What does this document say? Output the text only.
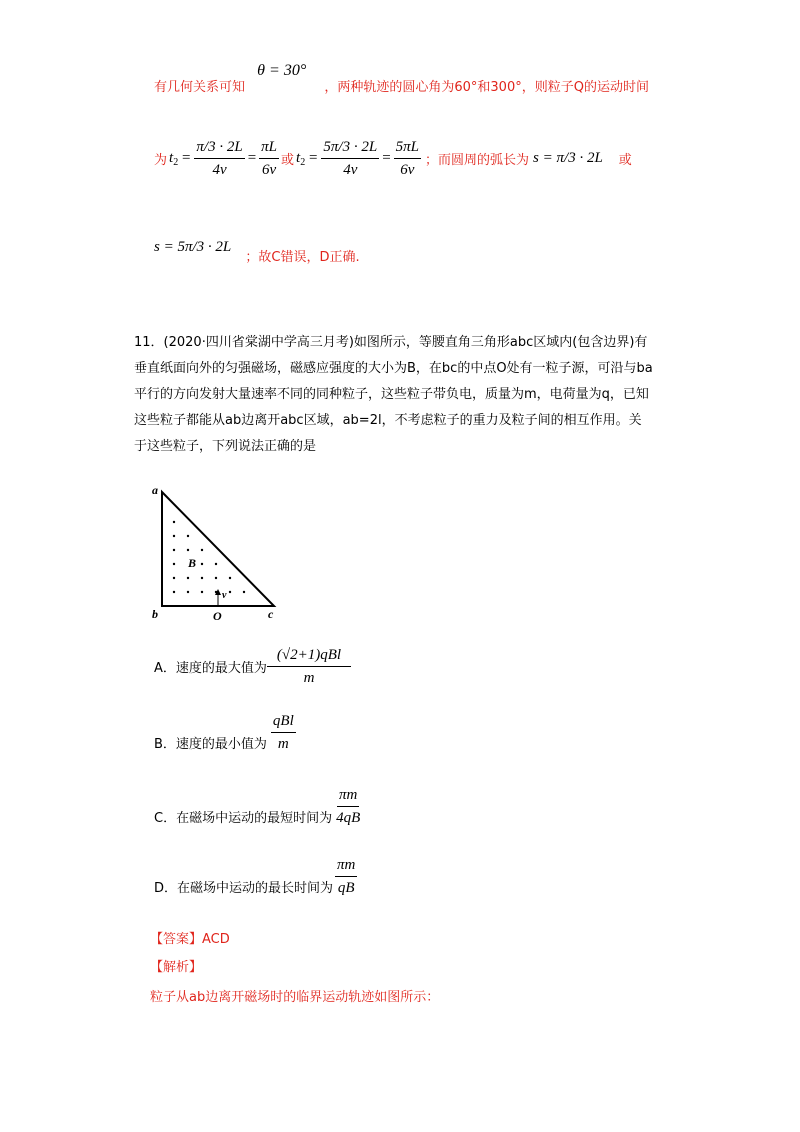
有几何关系可知 θ = 30° ，两种轨迹的圆心角为60°和300°，则粒子Q的运动时间
为 $t_2 = \frac{\pi/3 \cdot 2L}{4v} = \frac{\pi L}{6v}$ 或 $t_2 = \frac{5\pi/3 \cdot 2L}{4v} = \frac{5\pi L}{6v}$ ；而圆周的弧长为 s = π/3 · 2L 或
s = 5π/3 · 2L ；故C错误，D正确.
11．(2020·四川省棠湖中学高三月考)如图所示，等腰直角三角形abc区域内(包含边界)有垂直纸面向外的匀强磁场，磁感应强度的大小为B，在bc的中点O处有一粒子源，可沿与ba平行的方向发射大量速率不同的同种粒子，这些粒子带负电，质量为m，电荷量为q，已知这些粒子都能从ab边离开abc区域，ab=2l，不考虑粒子的重力及粒子间的相互作用。关于这些粒子，下列说法正确的是
a
b	c
O
B
v
A．速度的最大值为 $\frac{\text{(√2+1)qBl}}{m}$
B．速度的最小值为 $\frac{\text{qBl}}{m}$
C．在磁场中运动的最短时间为 $\frac{\pi m}{4qB}$
D．在磁场中运动的最长时间为 $\frac{\pi m}{qB}$
【答案】ACD
【解析】
粒子从ab边离开磁场时的临界运动轨迹如图所示：
